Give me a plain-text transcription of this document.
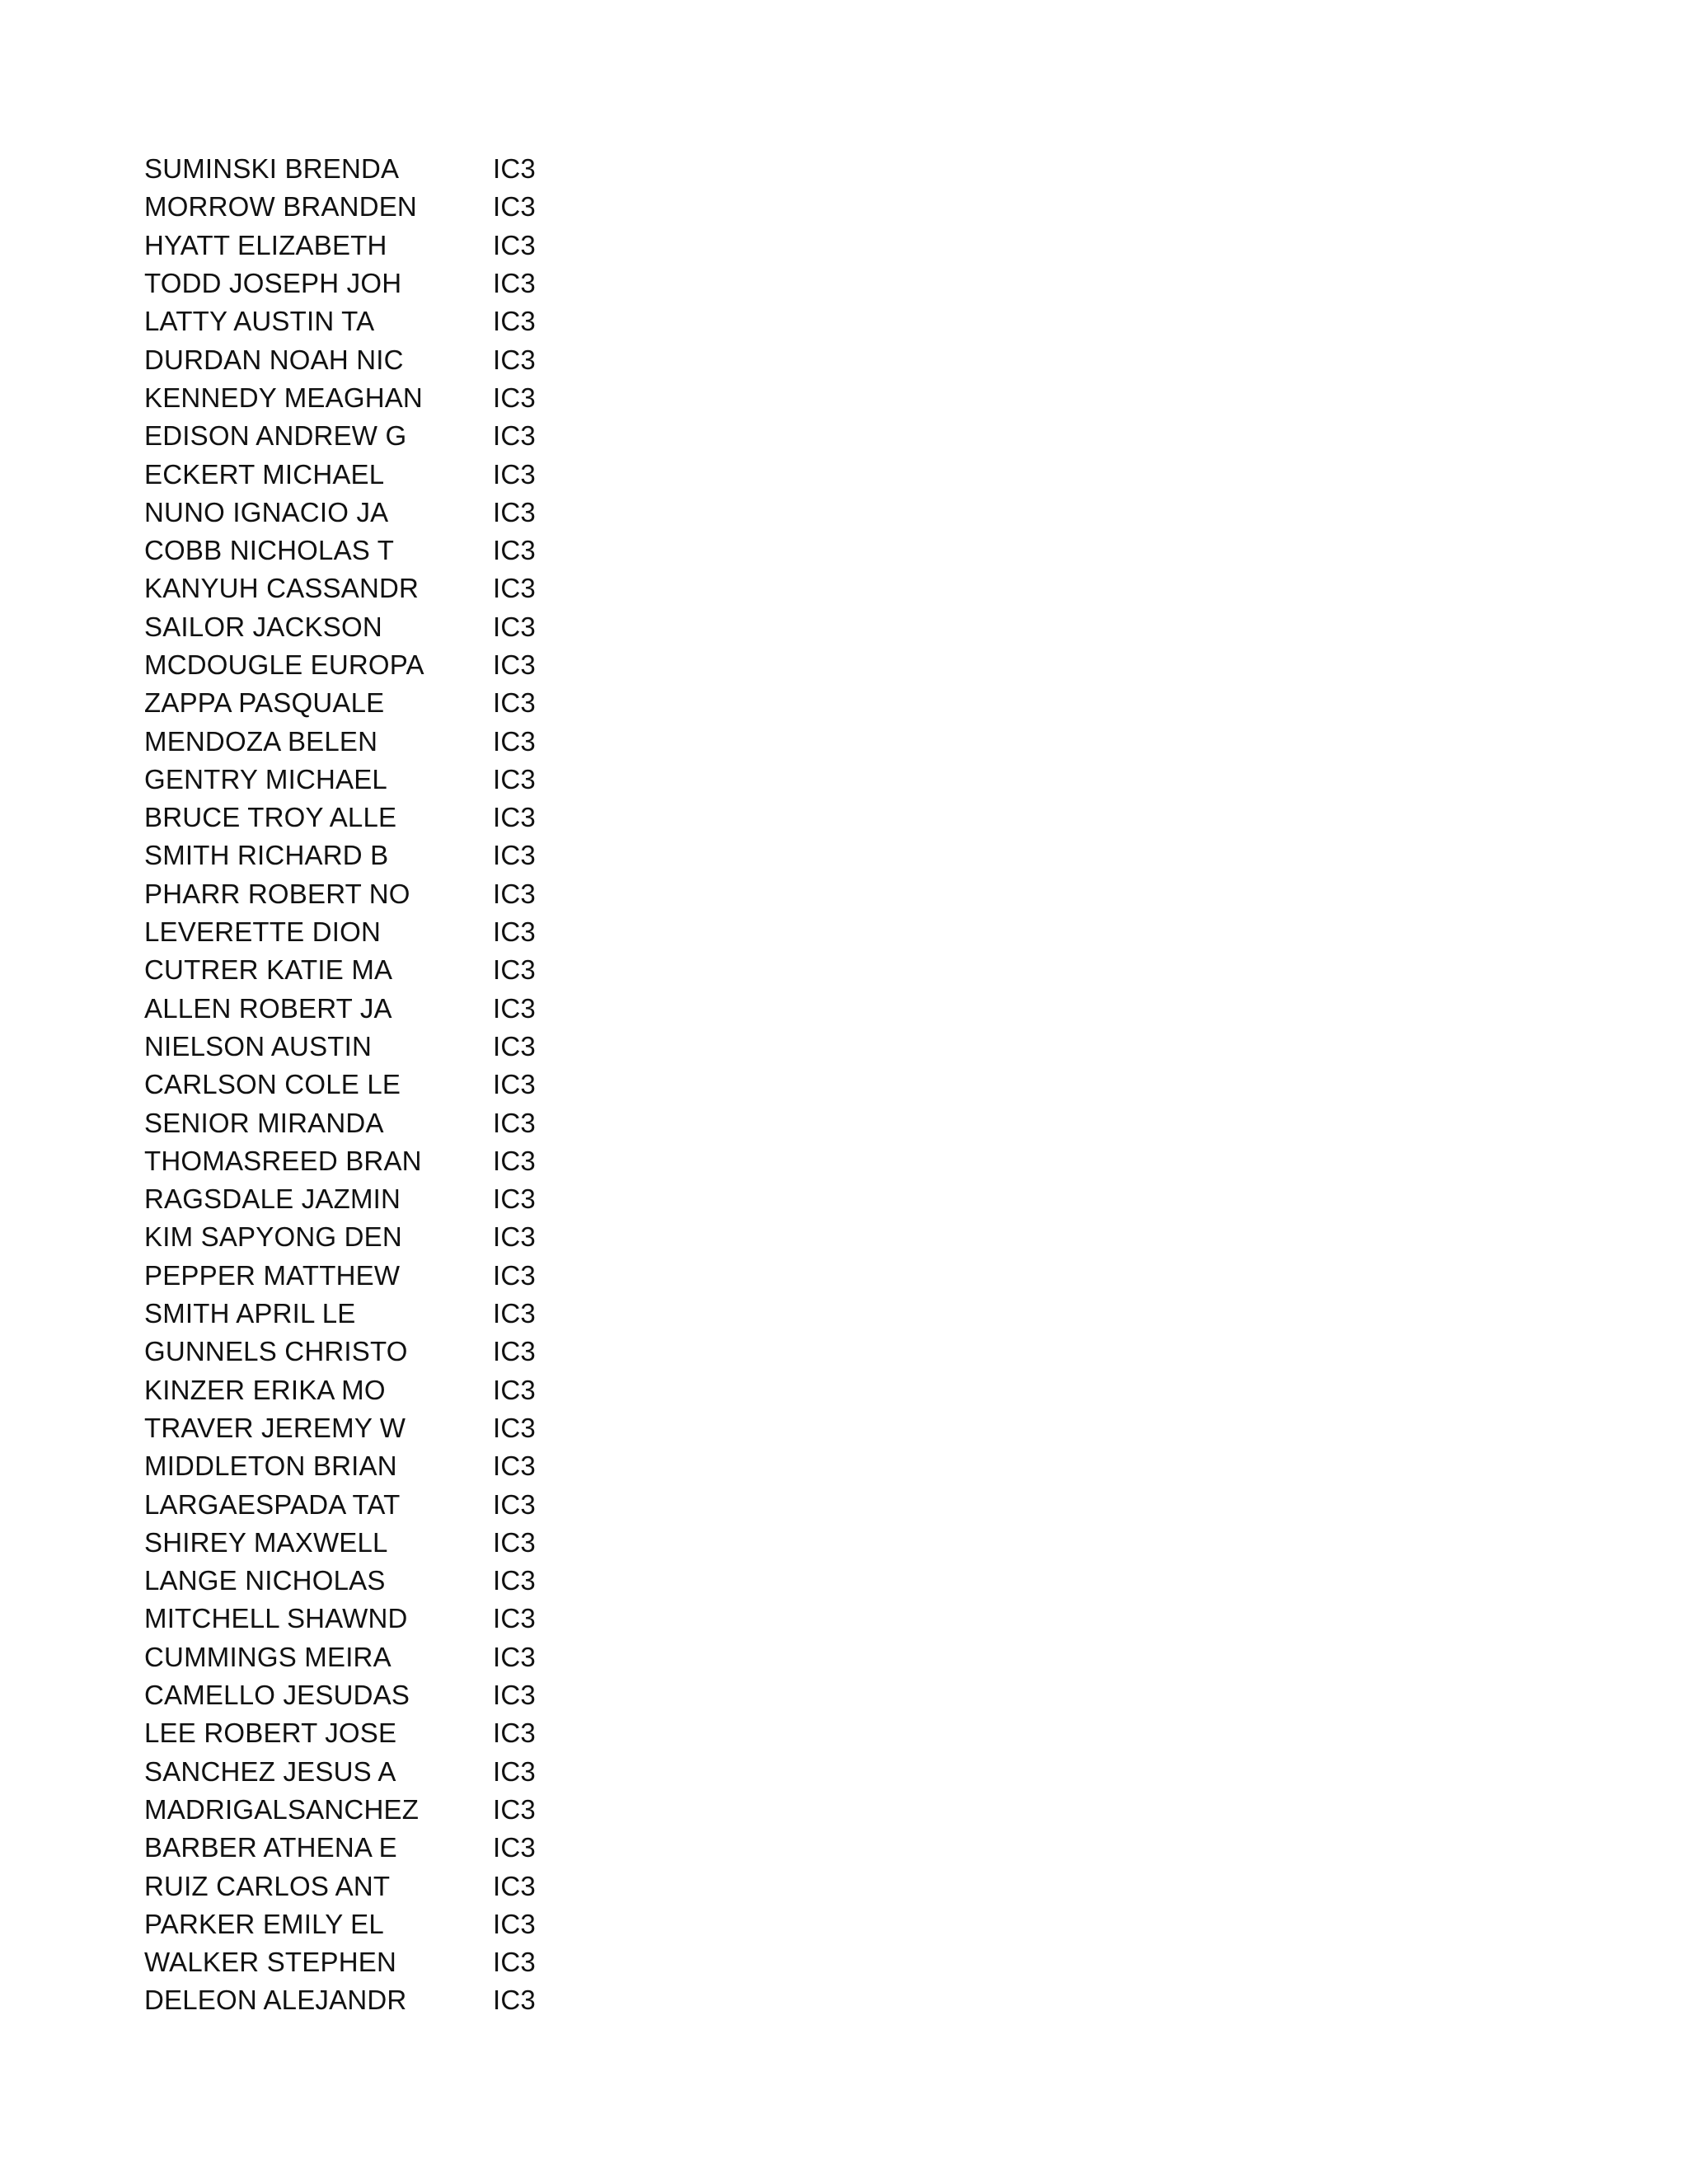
SUMINSKI BRENDA	IC3
MORROW BRANDEN	IC3
HYATT ELIZABETH	IC3
TODD JOSEPH JOH	IC3
LATTY AUSTIN TA	IC3
DURDAN NOAH NIC	IC3
KENNEDY MEAGHAN	IC3
EDISON ANDREW G	IC3
ECKERT MICHAEL	IC3
NUNO IGNACIO JA	IC3
COBB NICHOLAS T	IC3
KANYUH CASSANDR	IC3
SAILOR JACKSON	IC3
MCDOUGLE EUROPA	IC3
ZAPPA PASQUALE	IC3
MENDOZA BELEN	IC3
GENTRY MICHAEL	IC3
BRUCE TROY ALLE	IC3
SMITH RICHARD B	IC3
PHARR ROBERT NO	IC3
LEVERETTE DION	IC3
CUTRER KATIE MA	IC3
ALLEN ROBERT JA	IC3
NIELSON AUSTIN	IC3
CARLSON COLE LE	IC3
SENIOR MIRANDA	IC3
THOMASREED BRAN	IC3
RAGSDALE JAZMIN	IC3
KIM SAPYONG DEN	IC3
PEPPER MATTHEW	IC3
SMITH APRIL LE	IC3
GUNNELS CHRISTO	IC3
KINZER ERIKA MO	IC3
TRAVER JEREMY W	IC3
MIDDLETON BRIAN	IC3
LARGAESPADA TAT	IC3
SHIREY MAXWELL	IC3
LANGE NICHOLAS	IC3
MITCHELL SHAWND	IC3
CUMMINGS MEIRA	IC3
CAMELLO JESUDAS	IC3
LEE ROBERT JOSE	IC3
SANCHEZ JESUS A	IC3
MADRIGALSANCHEZ	IC3
BARBER ATHENA E	IC3
RUIZ CARLOS ANT	IC3
PARKER EMILY EL	IC3
WALKER STEPHEN	IC3
DELEON ALEJANDR	IC3
